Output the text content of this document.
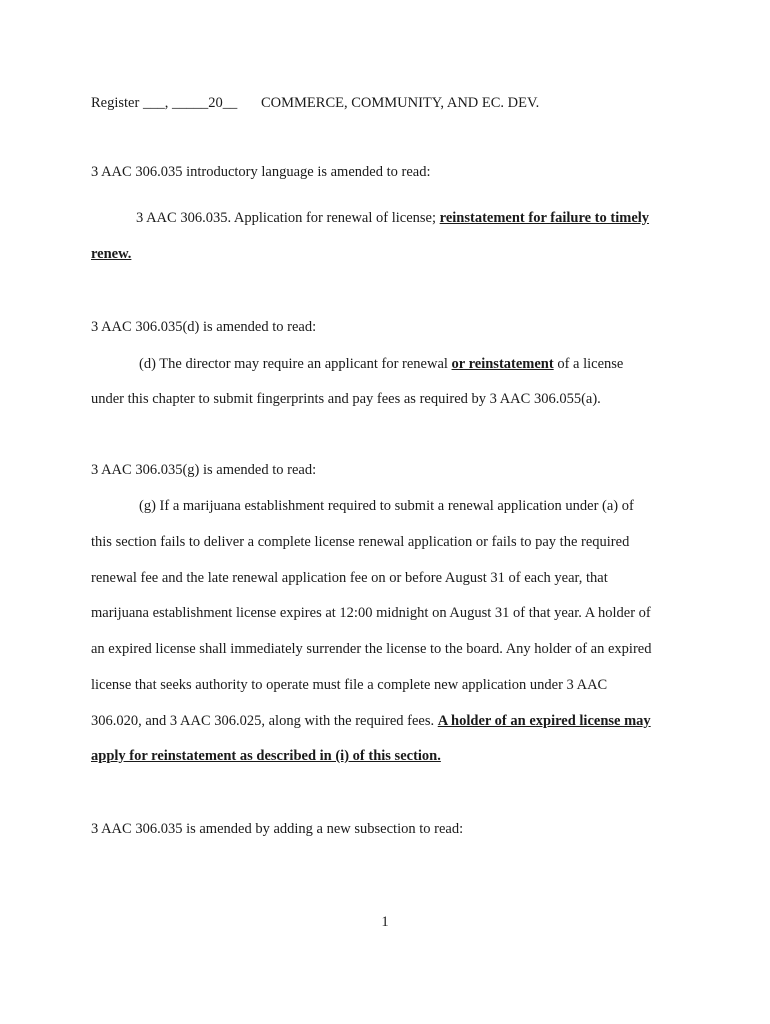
Register ___, _____20__ COMMERCE, COMMUNITY, AND EC. DEV.
3 AAC 306.035 introductory language is amended to read:
3 AAC 306.035. Application for renewal of license; reinstatement for failure to timely
renew.
3 AAC 306.035(d) is amended to read:
(d) The director may require an applicant for renewal or reinstatement of a license
under this chapter to submit fingerprints and pay fees as required by 3 AAC 306.055(a).
3 AAC 306.035(g) is amended to read:
(g) If a marijuana establishment required to submit a renewal application under (a) of
this section fails to deliver a complete license renewal application or fails to pay the required
renewal fee and the late renewal application fee on or before August 31 of each year, that
marijuana establishment license expires at 12:00 midnight on August 31 of that year. A holder of
an expired license shall immediately surrender the license to the board. Any holder of an expired
license that seeks authority to operate must file a complete new application under 3 AAC
306.020, and 3 AAC 306.025, along with the required fees. A holder of an expired license may
apply for reinstatement as described in (i) of this section.
3 AAC 306.035 is amended by adding a new subsection to read:
1
